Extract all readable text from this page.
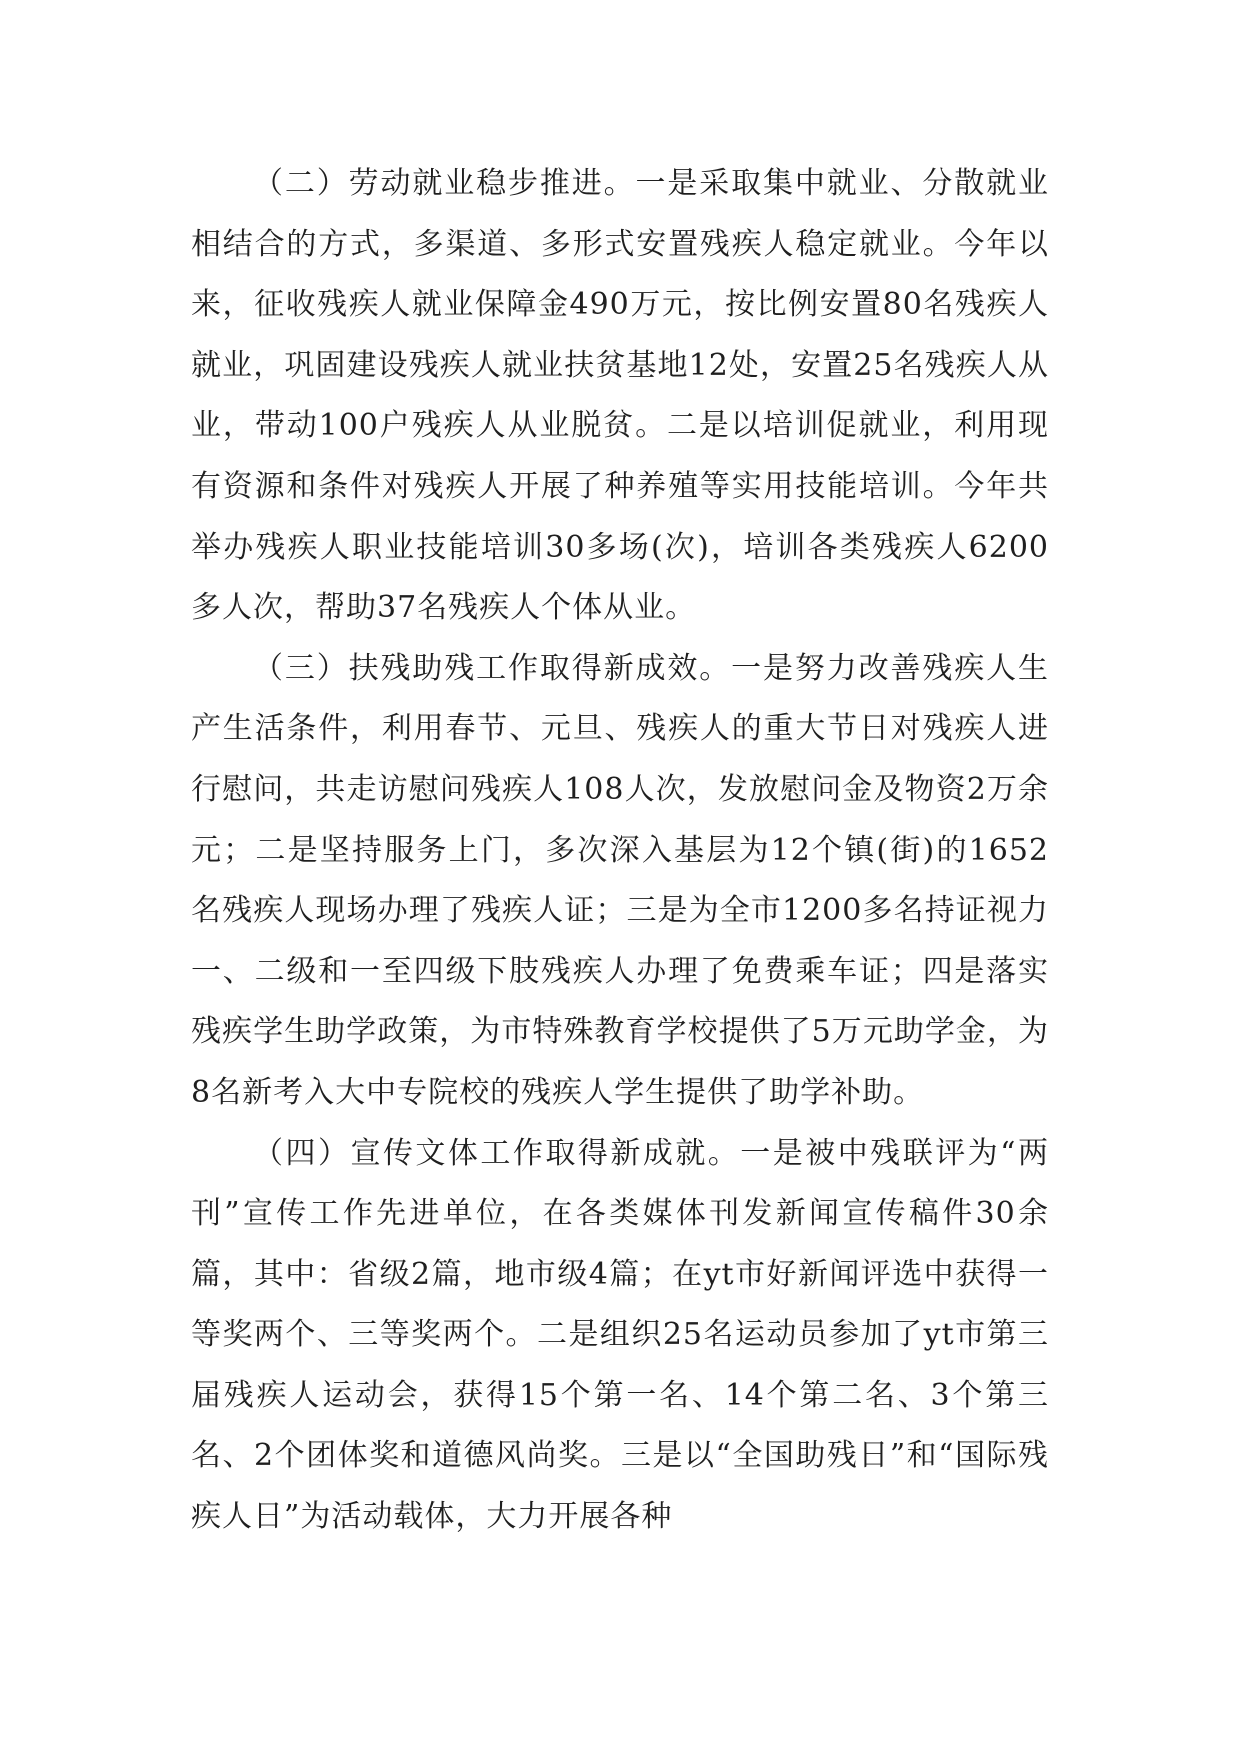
（二）劳动就业稳步推进。一是采取集中就业、分散就业相结合的方式，多渠道、多形式安置残疾人稳定就业。今年以来，征收残疾人就业保障金490万元，按比例安置80名残疾人就业，巩固建设残疾人就业扶贫基地12处，安置25名残疾人从业，带动100户残疾人从业脱贫。二是以培训促就业，利用现有资源和条件对残疾人开展了种养殖等实用技能培训。今年共举办残疾人职业技能培训30多场(次)，培训各类残疾人6200多人次，帮助37名残疾人个体从业。

（三）扶残助残工作取得新成效。一是努力改善残疾人生产生活条件，利用春节、元旦、残疾人的重大节日对残疾人进行慰问，共走访慰问残疾人108人次，发放慰问金及物资2万余元；二是坚持服务上门，多次深入基层为12个镇(街)的1652名残疾人现场办理了残疾人证；三是为全市1200多名持证视力一、二级和一至四级下肢残疾人办理了免费乘车证；四是落实残疾学生助学政策，为市特殊教育学校提供了5万元助学金，为8名新考入大中专院校的残疾人学生提供了助学补助。

（四）宣传文体工作取得新成就。一是被中残联评为“两刊”宣传工作先进单位，在各类媒体刊发新闻宣传稿件30余篇，其中：省级2篇，地市级4篇；在yt市好新闻评选中获得一等奖两个、三等奖两个。二是组织25名运动员参加了yt市第三届残疾人运动会，获得15个第一名、14个第二名、3个第三名、2个团体奖和道德风尚奖。三是以“全国助残日”和“国际残疾人日”为活动载体，大力开展各种
